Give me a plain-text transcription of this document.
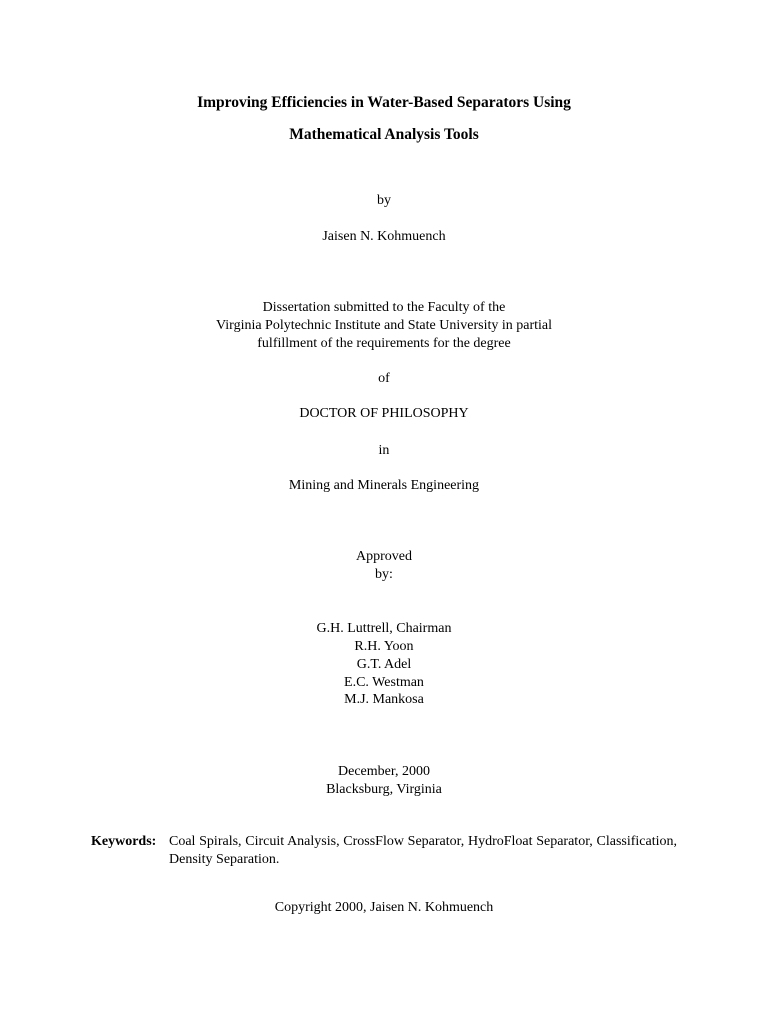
Improving Efficiencies in Water-Based Separators Using
Mathematical Analysis Tools
by
Jaisen N. Kohmuench
Dissertation submitted to the Faculty of the
Virginia Polytechnic Institute and State University in partial
fulfillment of the requirements for the degree
of
DOCTOR OF PHILOSOPHY
in
Mining and Minerals Engineering
Approved
by:
G.H. Luttrell, Chairman
R.H. Yoon
G.T. Adel
E.C. Westman
M.J. Mankosa
December, 2000
Blacksburg, Virginia
Keywords: Coal Spirals, Circuit Analysis, CrossFlow Separator, HydroFloat Separator, Classification, Density Separation.
Copyright 2000, Jaisen N. Kohmuench
